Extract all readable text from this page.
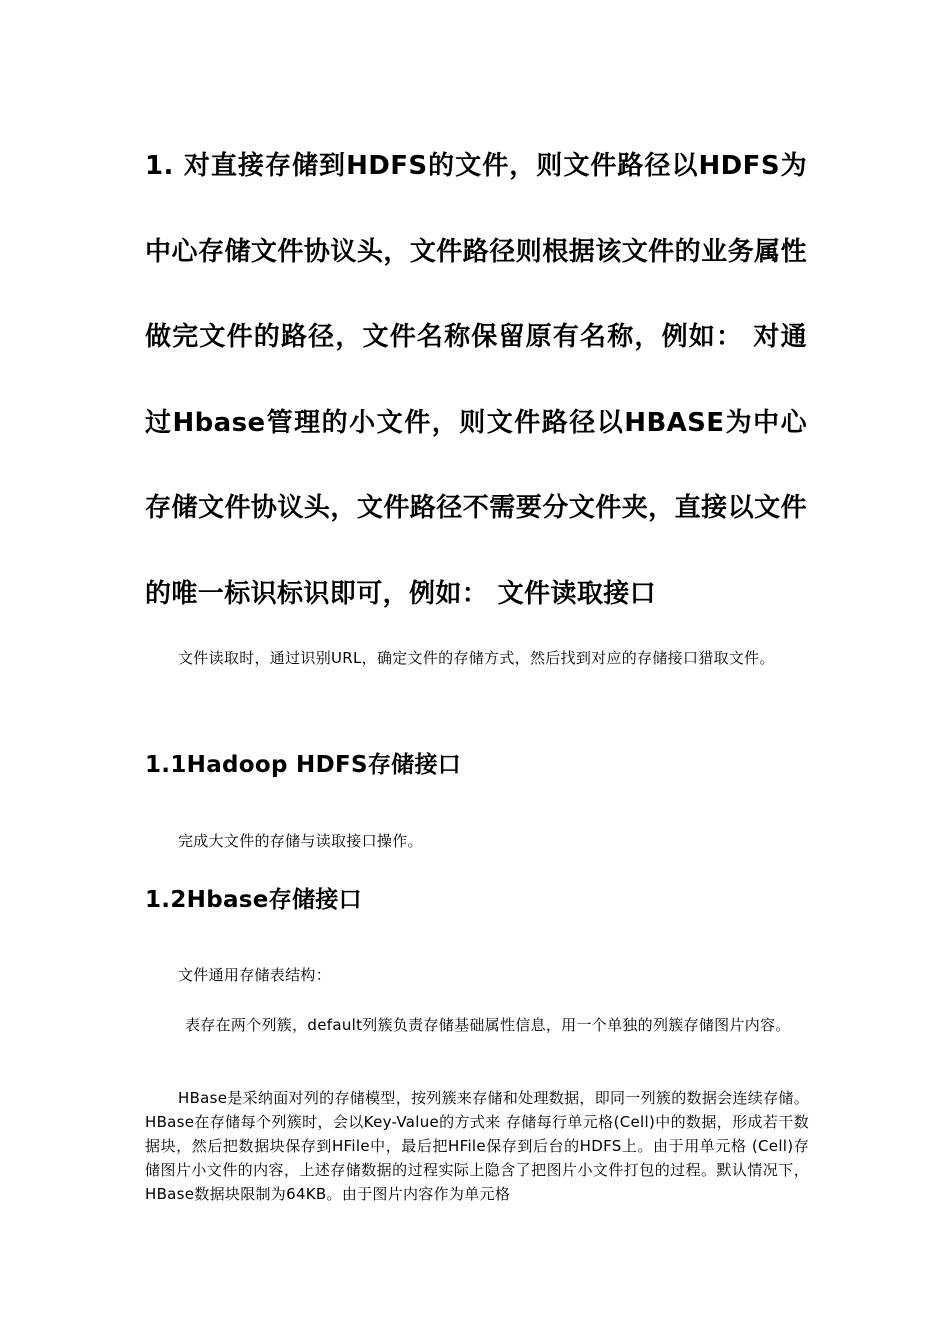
1. 对直接存储到HDFS的文件，则文件路径以HDFS为中心存储文件协议头，文件路径则根据该文件的业务属性做完文件的路径，文件名称保留原有名称，例如： 对通过Hbase管理的小文件，则文件路径以HBASE为中心存储文件协议头，文件路径不需要分文件夹，直接以文件的唯一标识标识即可，例如： 文件读取接口

文件读取时，通过识别URL，确定文件的存储方式，然后找到对应的存储接口猎取文件。

1.1Hadoop HDFS存储接口

完成大文件的存储与读取接口操作。

1.2Hbase存储接口

文件通用存储表结构：

表存在两个列簇，default列簇负责存储基础属性信息，用一个单独的列簇存储图片内容。

HBase是采纳面对列的存储模型，按列簇来存储和处理数据，即同一列簇的数据会连续存储。HBase在存储每个列簇时，会以Key-Value的方式来 存储每行单元格(Cell)中的数据，形成若干数据块，然后把数据块保存到HFile中，最后把HFile保存到后台的HDFS上。由于用单元格 (Cell)存储图片小文件的内容，上述存储数据的过程实际上隐含了把图片小文件打包的过程。默认情况下，HBase数据块限制为64KB。由于图片内容作为单元格
